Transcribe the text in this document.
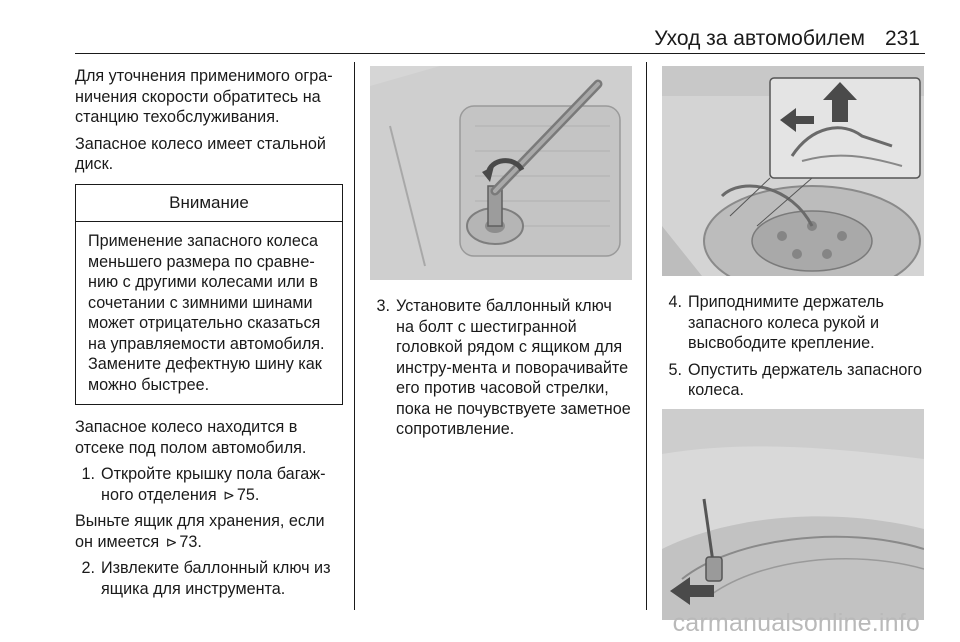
Уход за автомобилем 231

Для уточнения применимого огра-ничения скорости обратитесь на станцию техобслуживания.

Запасное колесо имеет стальной диск.

Внимание
Применение запасного колеса меньшего размера по сравне-нию с другими колесами или в сочетании с зимними шинами может отрицательно сказаться на управляемости автомобиля. Замените дефектную шину как можно быстрее.

Запасное колесо находится в отсеке под полом автомобиля.

1. Откройте крышку пола багаж-ного отделения ⊳ 75.

Выньте ящик для хранения, если он имеется ⊳ 73.

2. Извлеките баллонный ключ из ящика для инструмента.
3. Установите баллонный ключ на болт с шестигранной головкой рядом с ящиком для инстру-мента и поворачивайте его против часовой стрелки, пока не почувствуете заметное сопротивление.
4. Приподнимите держатель запасного колеса рукой и высвободите крепление.
5. Опустить держатель запасного колеса.
carmanualsonline.info
